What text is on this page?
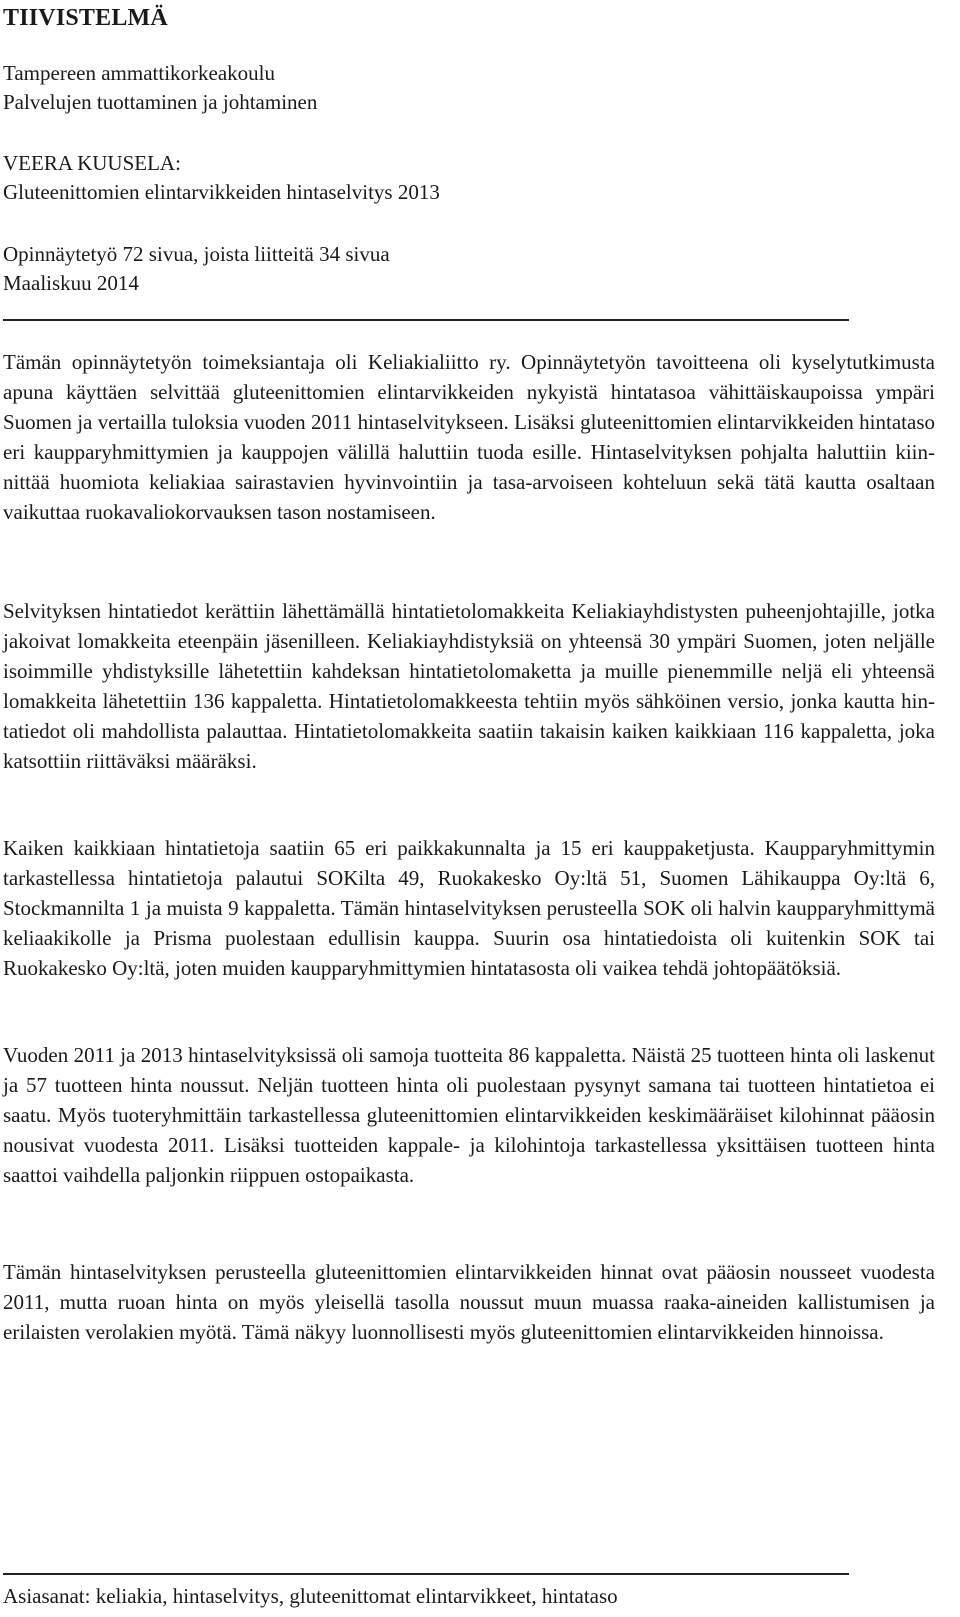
TIIVISTELMÄ

Tampereen ammattikorkeakoulu

Palvelujen tuottaminen ja johtaminen

VEERA KUUSELA:

Gluteenittomien elintarvikkeiden hintaselvitys 2013

Opinnäytetyö 72 sivua, joista liitteitä 34 sivua

Maaliskuu 2014

Tämän opinnäytetyön toimeksiantaja oli Keliakialiitto ry. Opinnäytetyön tavoitteena oli kyselytutkimusta apuna käyttäen selvittää gluteenittomien elintarvikkeiden nykyistä hintatasoa vähittäiskaupoissa ympäri Suomen ja vertailla tuloksia vuoden 2011 hintaselvitykseen. Lisäksi gluteenittomien elintarvikkeiden hintataso eri kaupparyhmittymien ja kauppojen välillä haluttiin tuoda esille. Hintaselvityksen pohjalta haluttiin kiinnittää huomiota keliakiaa sairastavien hyvinvointiin ja tasa-arvoiseen kohteluun sekä tätä kautta osaltaan vaikuttaa ruokavaliokorvauksen tason nostamiseen.

Selvityksen hintatiedot kerättiin lähettämällä hintatietolomakkeita Keliakiayhdistysten puheenjohtajille, jotka jakoivat lomakkeita eteenpäin jäsenilleen. Keliakiayhdistyksiä on yhteensä 30 ympäri Suomen, joten neljälle isoimmille yhdistyksille lähetettiin kahdeksan hintatietolomaketta ja muille pienemmille neljä eli yhteensä lomakkeita lähetettiin 136 kappaletta. Hintatietolomakkeesta tehtiin myös sähköinen versio, jonka kautta hintatiedot oli mahdollista palauttaa. Hintatietolomakkeita saatiin takaisin kaiken kaikkiaan 116 kappaletta, joka katsottiin riittäväksi määräksi.

Kaiken kaikkiaan hintatietoja saatiin 65 eri paikkakunnalta ja 15 eri kauppaketjusta. Kaupparyhmittymin tarkastellessa hintatietoja palautui SOKilta 49, Ruokakesko Oy:ltä 51, Suomen Lähikauppa Oy:ltä 6, Stockmannilta 1 ja muista 9 kappaletta. Tämän hintaselvityksen perusteella SOK oli halvin kaupparyhmittymä keliaakikolle ja Prisma puolestaan edullisin kauppa. Suurin osa hintatiedoista oli kuitenkin SOK tai Ruokakesko Oy:ltä, joten muiden kaupparyhmittymien hintatasosta oli vaikea tehdä johtopäätöksiä.

Vuoden 2011 ja 2013 hintaselvityksissä oli samoja tuotteita 86 kappaletta. Näistä 25 tuotteen hinta oli laskenut ja 57 tuotteen hinta noussut. Neljän tuotteen hinta oli puolestaan pysynyt samana tai tuotteen hintatietoa ei saatu. Myös tuoteryhmittäin tarkastellessa gluteenittomien elintarvikkeiden keskimääräiset kilohinnat pääosin nousivat vuodesta 2011. Lisäksi tuotteiden kappale- ja kilohintoja tarkastellessa yksittäisen tuotteen hinta saattoi vaihdella paljonkin riippuen ostopaikasta.

Tämän hintaselvityksen perusteella gluteenittomien elintarvikkeiden hinnat ovat pääosin nousseet vuodesta 2011, mutta ruoan hinta on myös yleisellä tasolla noussut muun muassa raaka-aineiden kallistumisen ja erilaisten verolakien myötä. Tämä näkyy luonnollisesti myös gluteenittomien elintarvikkeiden hinnoissa.

Asiasanat: keliakia, hintaselvitys, gluteenittomat elintarvikkeet, hintataso
